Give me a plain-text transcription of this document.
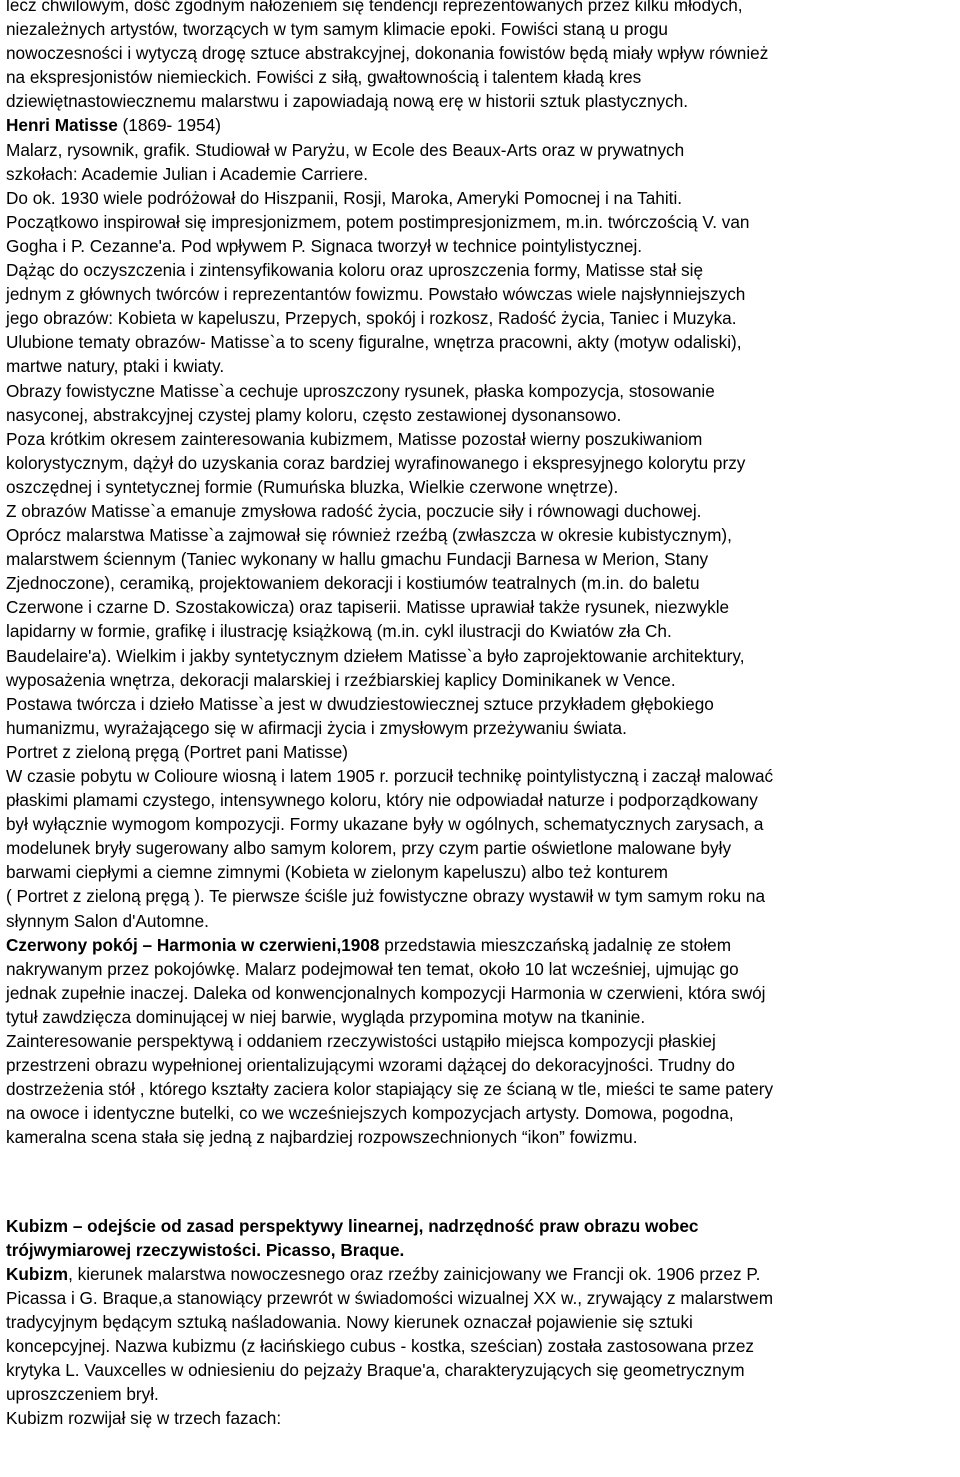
lecz chwilowym, dość zgodnym nałożeniem się tendencji reprezentowanych przez kilku młodych,
niezależnych artystów, tworzących w tym samym klimacie epoki. Fowiści staną u progu
nowoczesności i wytyczą drogę sztuce abstrakcyjnej, dokonania fowistów będą miały wpływ również
na ekspresjonistów niemieckich. Fowiści z siłą, gwałtownością i talentem kładą kres
dziewiętnastowiecznemu malarstwu i zapowiadają nową erę w historii sztuk plastycznych.
Henri Matisse (1869- 1954)
Malarz, rysownik, grafik. Studiował w Paryżu, w Ecole des Beaux-Arts oraz w prywatnych
szkołach: Academie Julian i Academie Carriere.
Do ok. 1930 wiele podróżował do Hiszpanii, Rosji, Maroka, Ameryki Pomocnej i na Tahiti.
Początkowo inspirował się impresjonizmem, potem postimpresjonizmem, m.in. twórczością V. van
Gogha i P. Cezanne'a. Pod wpływem P. Signaca tworzył w technice pointylistycznej.
Dążąc do oczyszczenia i zintensyfikowania koloru oraz uproszczenia formy, Matisse stał się
jednym z głównych twórców i reprezentantów fowizmu. Powstało wówczas wiele najsłynniejszych
jego obrazów: Kobieta w kapeluszu, Przepych, spokój i rozkosz, Radość życia, Taniec i Muzyka.
Ulubione tematy obrazów- Matisse`a to sceny figuralne, wnętrza pracowni, akty (motyw odaliski),
martwe natury, ptaki i kwiaty.
Obrazy fowistyczne Matisse`a cechuje uproszczony rysunek, płaska kompozycja, stosowanie
nasyconej, abstrakcyjnej czystej plamy koloru, często zestawionej dysonansowo.
Poza krótkim okresem zainteresowania kubizmem, Matisse pozostał wierny poszukiwaniom
kolorystycznym, dążył do uzyskania coraz bardziej wyrafinowanego i ekspresyjnego kolorytu przy
oszczędnej i syntetycznej formie (Rumuńska bluzka, Wielkie czerwone wnętrze).
Z obrazów Matisse`a emanuje zmysłowa radość życia, poczucie siły i równowagi duchowej.
Oprócz malarstwa Matisse`a zajmował się również rzeźbą (zwłaszcza w okresie kubistycznym),
malarstwem ściennym (Taniec wykonany w hallu gmachu Fundacji Barnesa w Merion, Stany
Zjednoczone), ceramiką, projektowaniem dekoracji i kostiumów teatralnych (m.in. do baletu
Czerwone i czarne D. Szostakowicza) oraz tapiserii. Matisse uprawiał także rysunek, niezwykle
lapidarny w formie, grafikę i ilustrację książkową (m.in. cykl ilustracji do Kwiatów zła Ch.
Baudelaire'a). Wielkim i jakby syntetycznym dziełem Matisse`a było zaprojektowanie architektury,
wyposażenia wnętrza, dekoracji malarskiej i rzeźbiarskiej kaplicy Dominikanek w Vence.
Postawa twórcza i dzieło Matisse`a jest w dwudziestowiecznej sztuce przykładem głębokiego
humanizmu, wyrażającego się w afirmacji życia i zmysłowym przeżywaniu świata.
Portret z zieloną pręgą (Portret pani Matisse)
W czasie pobytu w Colioure wiosną i latem 1905 r. porzucił technikę pointylistyczną i zaczął malować
płaskimi plamami czystego, intensywnego koloru, który nie odpowiadał naturze i podporządkowany
był wyłącznie wymogom kompozycji. Formy ukazane były w ogólnych, schematycznych zarysach, a
modelunek bryły sugerowany albo samym kolorem, przy czym partie oświetlone malowane były
barwami ciepłymi a ciemne zimnymi (Kobieta w zielonym kapeluszu) albo też konturem
( Portret z zieloną pręgą ). Te pierwsze ściśle już fowistyczne obrazy wystawił w tym samym roku na
słynnym Salon d'Automne.
Czerwony pokój – Harmonia w czerwieni,1908 przedstawia mieszczańską jadalnię ze stołem
nakrywanym przez pokojówkę. Malarz podejmował ten temat, około 10 lat wcześniej, ujmując go
jednak zupełnie inaczej. Daleka od konwencjonalnych kompozycji Harmonia w czerwieni, która swój
tytuł zawdzięcza dominującej w niej barwie, wygląda przypomina motyw na tkaninie.
Zainteresowanie perspektywą i oddaniem rzeczywistości ustąpiło miejsca kompozycji płaskiej
przestrzeni obrazu wypełnionej orientalizującymi wzorami dążącej do dekoracyjności. Trudny do
dostrzeżenia stół , którego kształty zaciera kolor stapiający się ze ścianą w tle, mieści te same patery
na owoce i identyczne butelki, co we wcześniejszych kompozycjach artysty. Domowa, pogodna,
kameralna scena stała się jedną z najbardziej rozpowszechnionych “ikon” fowizmu.
Kubizm – odejście od zasad perspektywy linearnej, nadrzędność praw obrazu wobec
trójwymiarowej rzeczywistości. Picasso, Braque.
Kubizm, kierunek malarstwa nowoczesnego oraz rzeźby zainicjowany we Francji ok. 1906 przez P.
Picassa i G. Braque,a stanowiący przewrót w świadomości wizualnej XX w., zrywający z malarstwem
tradycyjnym będącym sztuką naśladowania. Nowy kierunek oznaczał pojawienie się sztuki
koncepcyjnej. Nazwa kubizmu (z łacińskiego cubus - kostka, sześcian) została zastosowana przez
krytyka L. Vauxcelles w odniesieniu do pejzaży Braque'a, charakteryzujących się geometrycznym
uproszczeniem brył.
Kubizm rozwijał się w trzech fazach:
